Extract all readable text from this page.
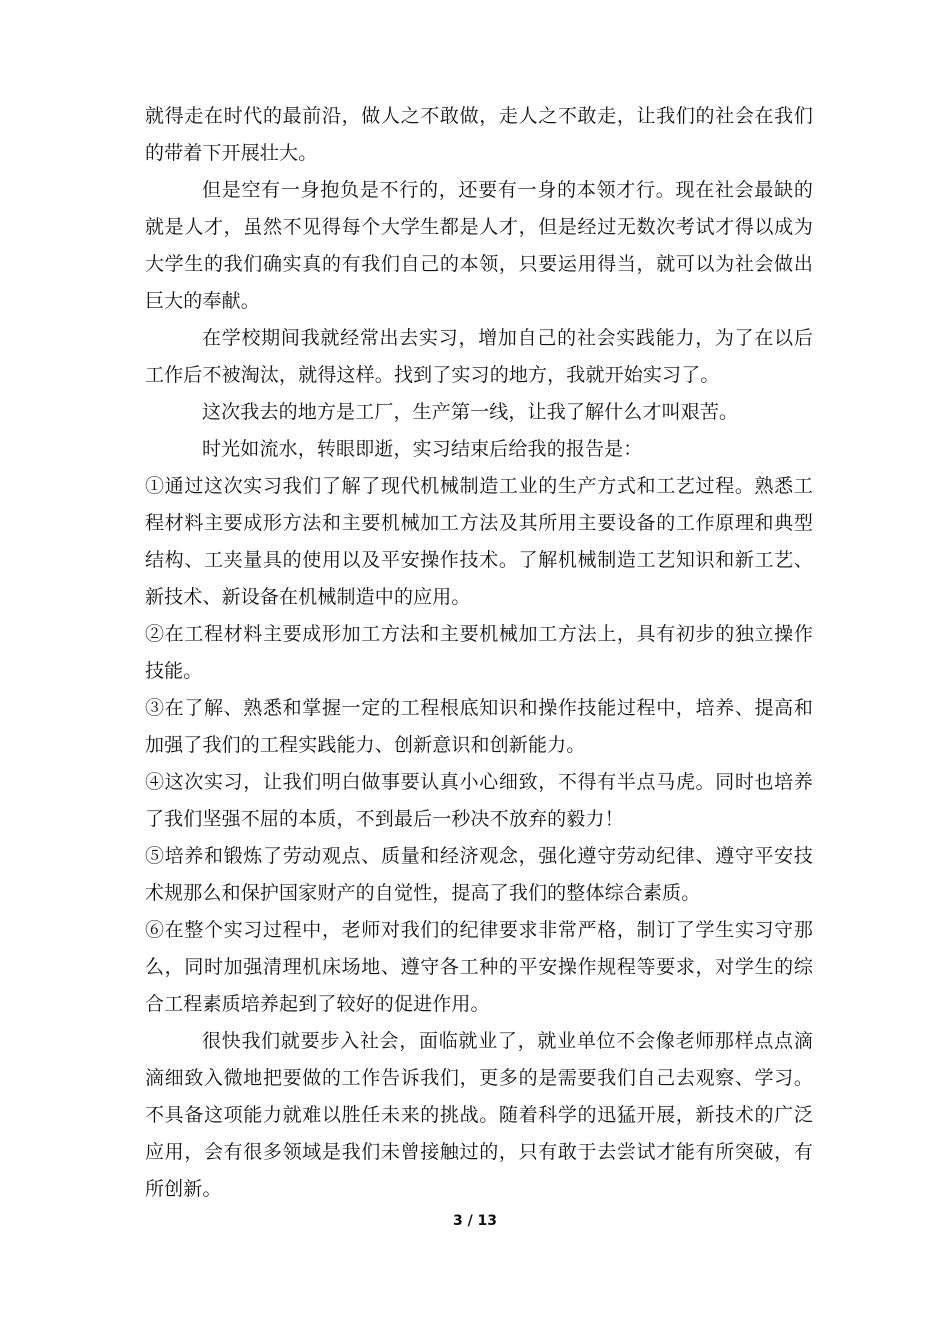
就得走在时代的最前沿，做人之不敢做，走人之不敢走，让我们的社会在我们的带着下开展壮大。

但是空有一身抱负是不行的，还要有一身的本领才行。现在社会最缺的就是人才，虽然不见得每个大学生都是人才，但是经过无数次考试才得以成为大学生的我们确实真的有我们自己的本领，只要运用得当，就可以为社会做出巨大的奉献。

在学校期间我就经常出去实习，增加自己的社会实践能力，为了在以后工作后不被淘汰，就得这样。找到了实习的地方，我就开始实习了。

这次我去的地方是工厂，生产第一线，让我了解什么才叫艰苦。

时光如流水，转眼即逝，实习结束后给我的报告是：

①通过这次实习我们了解了现代机械制造工业的生产方式和工艺过程。熟悉工程材料主要成形方法和主要机械加工方法及其所用主要设备的工作原理和典型结构、工夹量具的使用以及平安操作技术。了解机械制造工艺知识和新工艺、新技术、新设备在机械制造中的应用。

②在工程材料主要成形加工方法和主要机械加工方法上，具有初步的独立操作技能。

③在了解、熟悉和掌握一定的工程根底知识和操作技能过程中，培养、提高和加强了我们的工程实践能力、创新意识和创新能力。

④这次实习，让我们明白做事要认真小心细致，不得有半点马虎。同时也培养了我们坚强不屈的本质，不到最后一秒决不放弃的毅力！

⑤培养和锻炼了劳动观点、质量和经济观念，强化遵守劳动纪律、遵守平安技术规那么和保护国家财产的自觉性，提高了我们的整体综合素质。

⑥在整个实习过程中，老师对我们的纪律要求非常严格，制订了学生实习守那么，同时加强清理机床场地、遵守各工种的平安操作规程等要求，对学生的综合工程素质培养起到了较好的促进作用。

很快我们就要步入社会，面临就业了，就业单位不会像老师那样点点滴滴细致入微地把要做的工作告诉我们，更多的是需要我们自己去观察、学习。不具备这项能力就难以胜任未来的挑战。随着科学的迅猛开展，新技术的广泛应用，会有很多领域是我们未曾接触过的，只有敢于去尝试才能有所突破，有所创新。

3 / 13
